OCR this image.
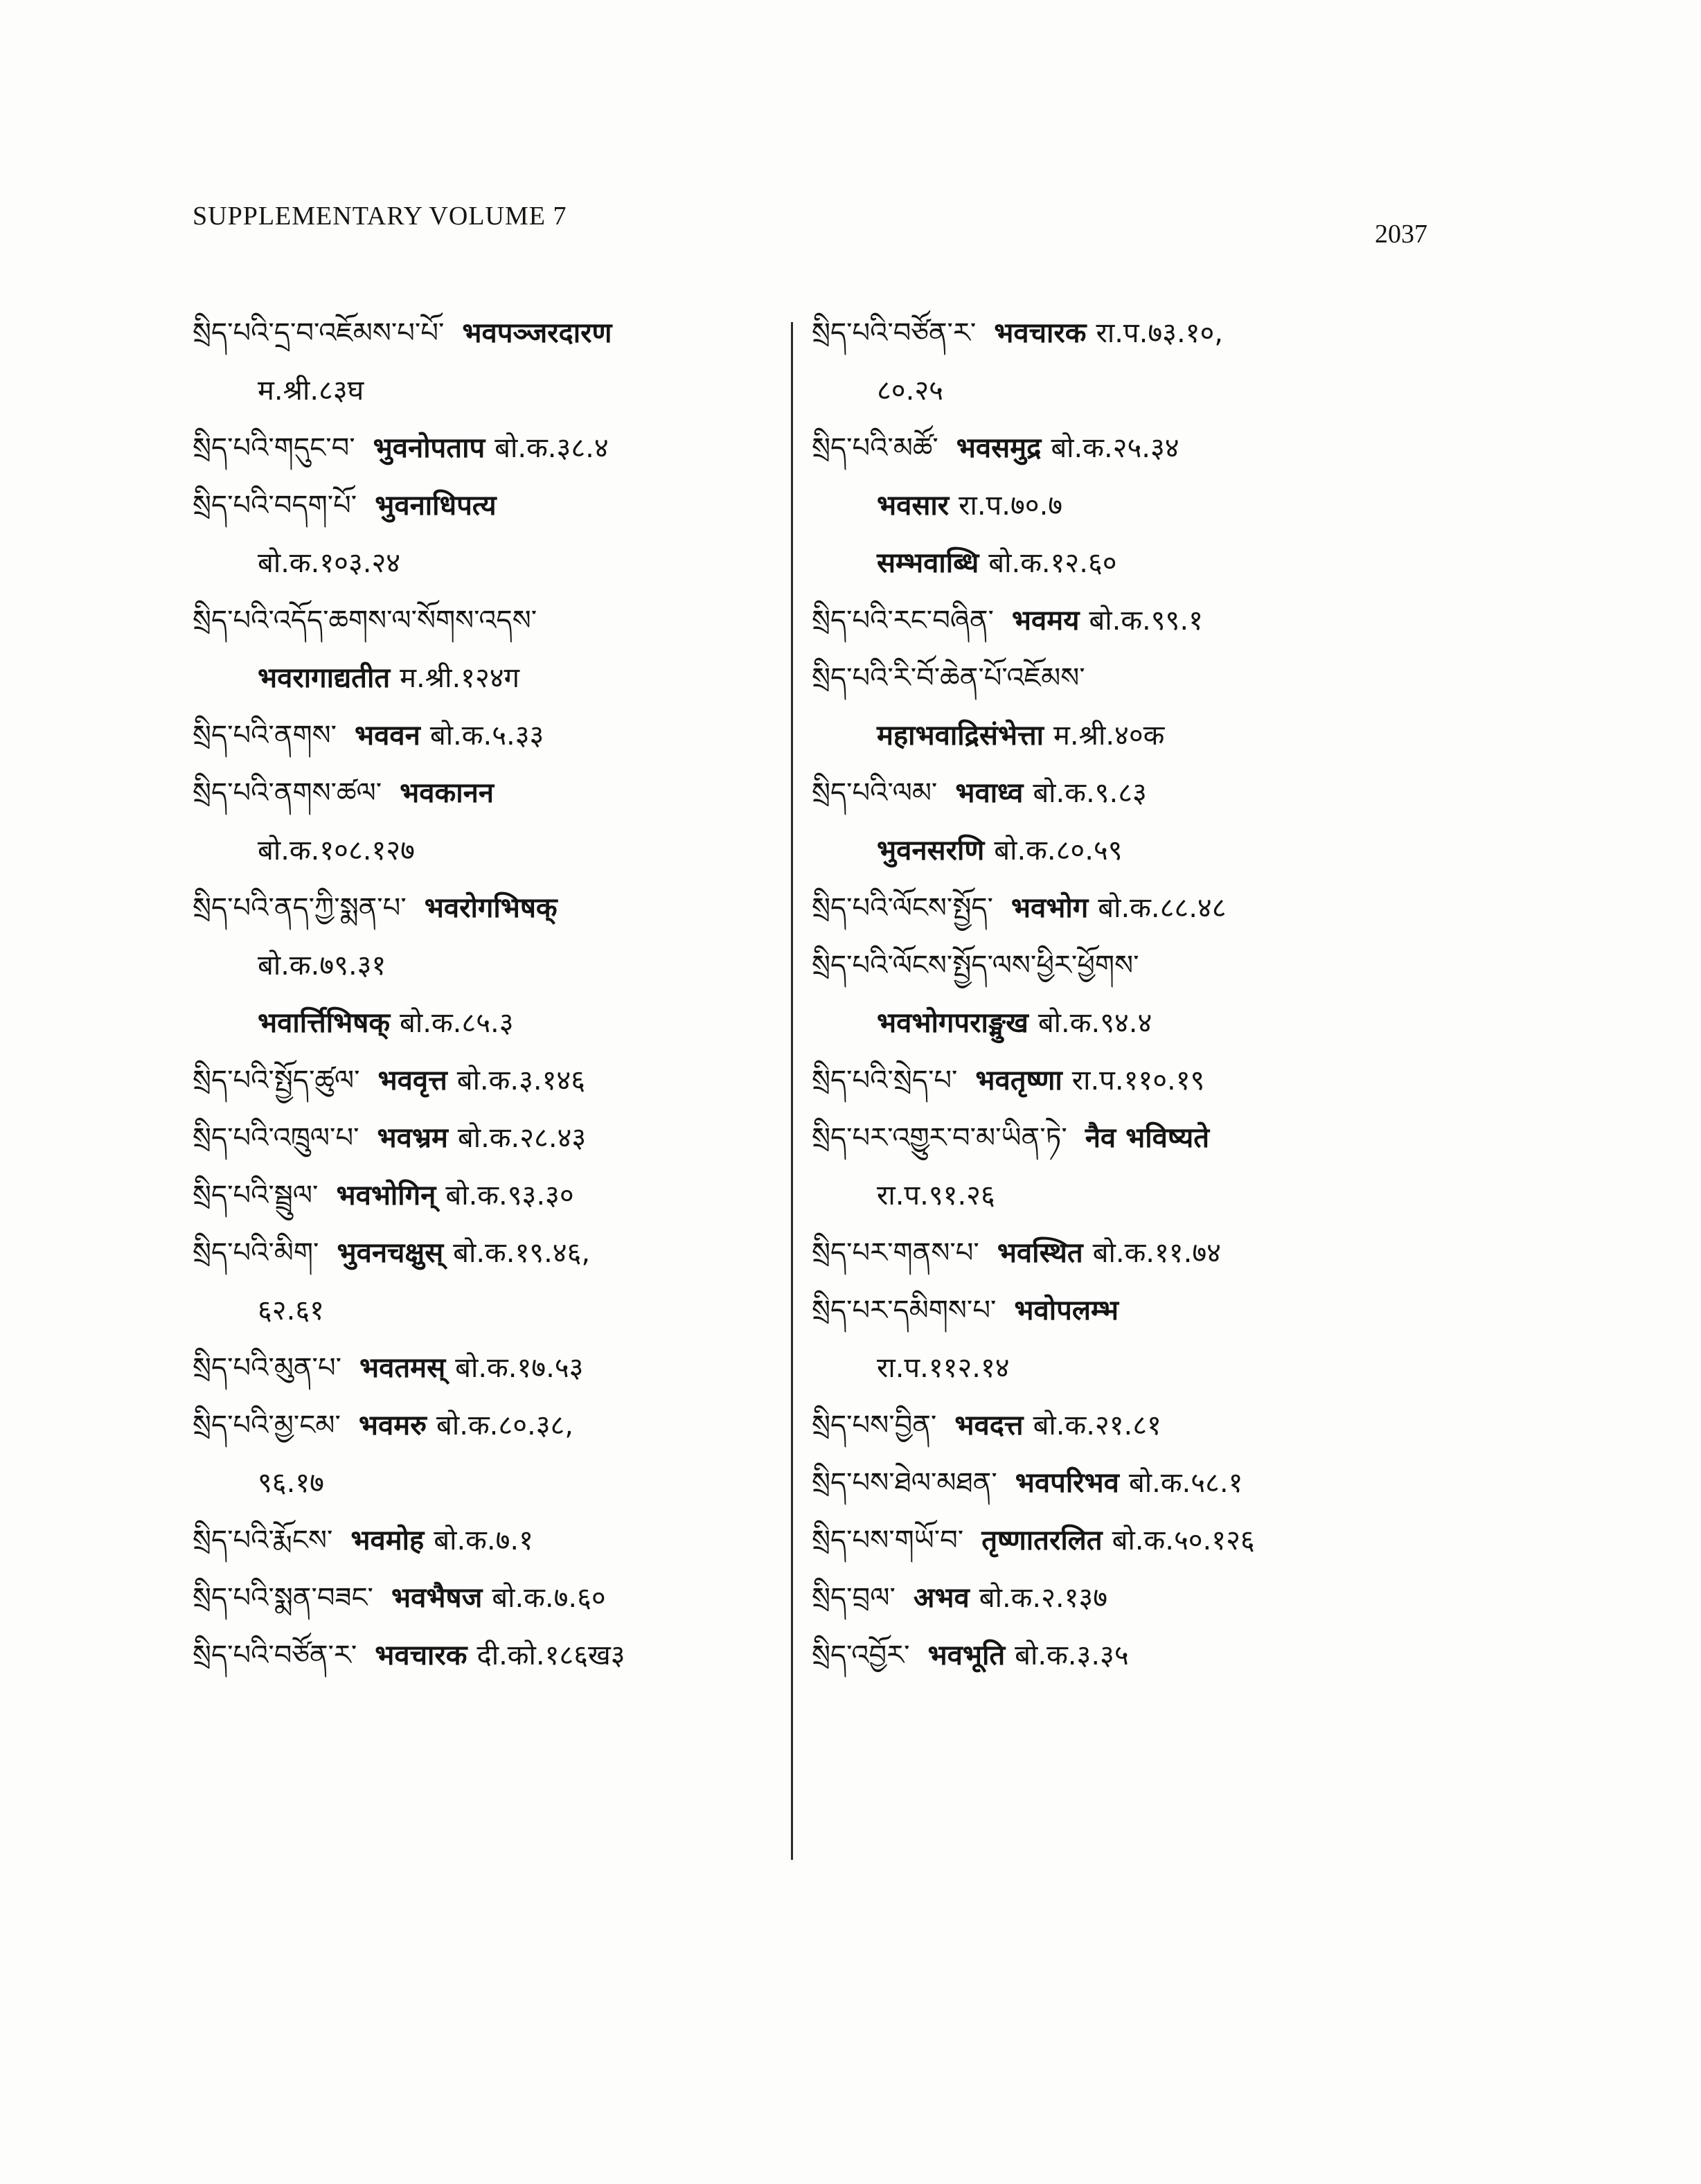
SUPPLEMENTARY VOLUME 7
2037
སྲིད་པའི་དྲ་བ་འཇོམས་པ་པོ་ भवपञ्जरदारण
म.श्री.८३घ
སྲིད་པའི་གདུང་བ་ भुवनोपताप बो.क.३८.४
སྲིད་པའི་བདག་པོ་ भुवनाधिपत्य
बो.क.१०३.२४
སྲིད་པའི་འདོད་ཆགས་ལ་སོགས་འདས་
भवरागाद्यतीत म.श्री.१२४ग
སྲིད་པའི་ནགས་ भववन बो.क.५.३३
སྲིད་པའི་ནགས་ཚལ་ भवकानन
बो.क.१०८.१२७
སྲིད་པའི་ནད་ཀྱི་སྨན་པ་ भवरोगभिषक्
बो.क.७९.३१
भवार्त्तिभिषक् बो.क.८५.३
སྲིད་པའི་སྤྱོད་ཚུལ་ भववृत्त बो.क.३.१४६
སྲིད་པའི་འཁྲུལ་པ་ भवभ्रम बो.क.२८.४३
སྲིད་པའི་སྦྲུལ་ भवभोगिन् बो.क.९३.३०
སྲིད་པའི་མིག་ भुवनचक्षुस् बो.क.१९.४६,
६२.६१
སྲིད་པའི་མུན་པ་ भवतमस् बो.क.१७.५३
སྲིད་པའི་མྱ་ངམ་ भवमरु बो.क.८०.३८,
९६.१७
སྲིད་པའི་རྨོངས་ भवमोह बो.क.७.१
སྲིད་པའི་སྨན་བཟང་ भवभैषज बो.क.७.६०
སྲིད་པའི་བཙོན་ར་ भवचारक दी.को.१८६ख३
སྲིད་པའི་བཙོན་ར་ भवचारक रा.प.७३.१०,
८०.२५
སྲིད་པའི་མཚོ་ भवसमुद्र बो.क.२५.३४
भवसार रा.प.७०.७
सम्भवाब्धि बो.क.१२.६०
སྲིད་པའི་རང་བཞིན་ भवमय बो.क.९९.१
སྲིད་པའི་རི་བོ་ཆེན་པོ་འཇོམས་
महाभवाद्रिसंभेत्ता म.श्री.४०क
སྲིད་པའི་ལམ་ भवाध्व बो.क.९.८३
भुवनसरणि बो.क.८०.५९
སྲིད་པའི་ལོངས་སྤྱོད་ भवभोग बो.क.८८.४८
སྲིད་པའི་ལོངས་སྤྱོད་ལས་ཕྱིར་ཕྱོགས་
भवभोगपराङ्मुख बो.क.९४.४
སྲིད་པའི་སྲེད་པ་ भवतृष्णा रा.प.११०.१९
སྲིད་པར་འགྱུར་བ་མ་ཡིན་ཏེ་ नैव भविष्यते
रा.प.९१.२६
སྲིད་པར་གནས་པ་ भवस्थित बो.क.११.७४
སྲིད་པར་དམིགས་པ་ भवोपलम्भ
रा.प.११२.१४
སྲིད་པས་བྱིན་ भवदत्त बो.क.२१.८१
སྲིད་པས་ཐེལ་མཐན་ भवपरिभव बो.क.५८.१
སྲིད་པས་གཡོ་བ་ तृष्णातरलित बो.क.५०.१२६
སྲིད་བྲལ་ अभव बो.क.२.१३७
སྲིད་འབྱོར་ भवभूति बो.क.३.३५
